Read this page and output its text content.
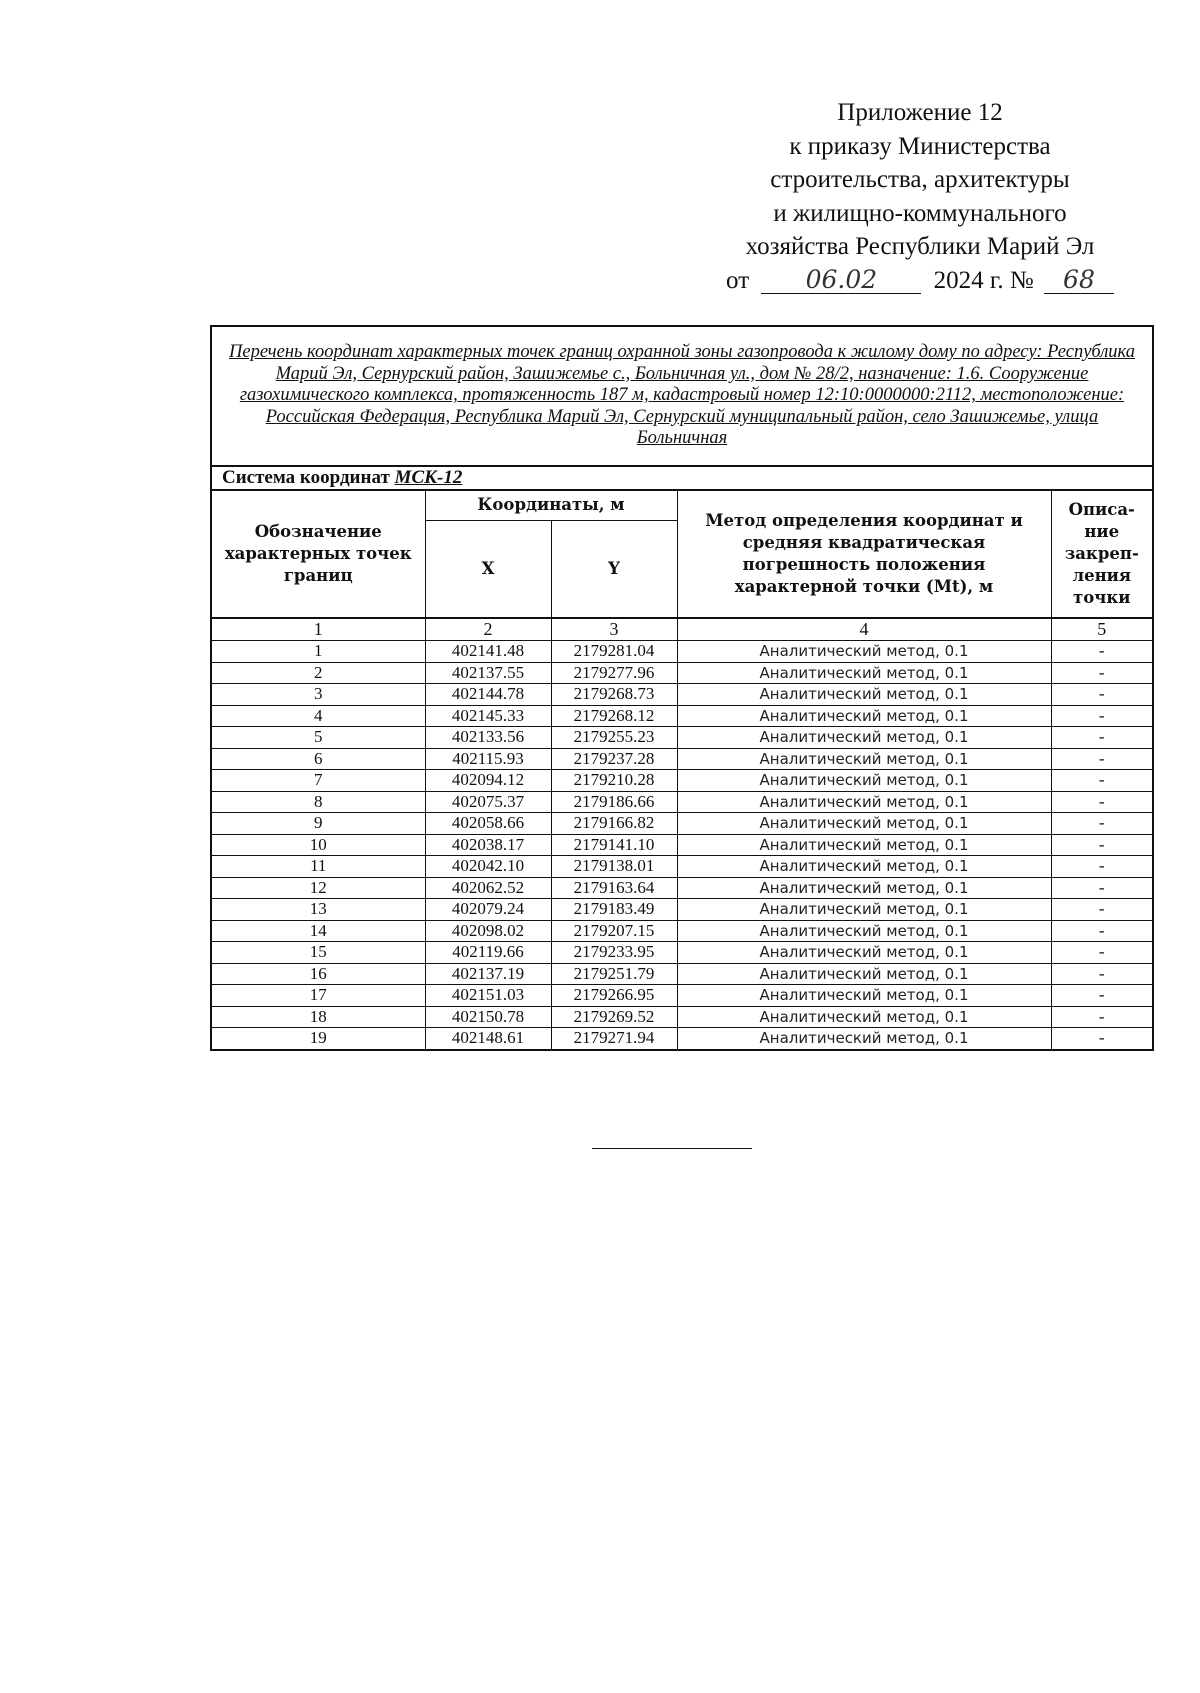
Приложение 12
к приказу Министерства
строительства, архитектуры
и жилищно-коммунального
хозяйства Республики Марий Эл
от 06.02 2024 г. № 68
Перечень координат характерных точек границ охранной зоны газопровода к жилому дому по адресу: Республика Марий Эл, Сернурский район, Зашижемье с., Больничная ул., дом № 28/2, назначение: 1.6. Сооружение газохимического комплекса, протяженность 187 м, кадастровый номер 12:10:0000000:2112, местоположение: Российская Федерация, Республика Марий Эл, Сернурский муниципальный район, село Зашижемье, улица Больничная				
Система координат МСК-12				
Обозначение характерных точек границ	Координаты, м		Метод определения координат и средняя квадратическая погрешность положения характерной точки (Mt), м	Описа-ние закреп-ления точки
	X	Y		
1	2	3	4	5
1	402141.48	2179281.04	Аналитический метод, 0.1	-
2	402137.55	2179277.96	Аналитический метод, 0.1	-
3	402144.78	2179268.73	Аналитический метод, 0.1	-
4	402145.33	2179268.12	Аналитический метод, 0.1	-
5	402133.56	2179255.23	Аналитический метод, 0.1	-
6	402115.93	2179237.28	Аналитический метод, 0.1	-
7	402094.12	2179210.28	Аналитический метод, 0.1	-
8	402075.37	2179186.66	Аналитический метод, 0.1	-
9	402058.66	2179166.82	Аналитический метод, 0.1	-
10	402038.17	2179141.10	Аналитический метод, 0.1	-
11	402042.10	2179138.01	Аналитический метод, 0.1	-
12	402062.52	2179163.64	Аналитический метод, 0.1	-
13	402079.24	2179183.49	Аналитический метод, 0.1	-
14	402098.02	2179207.15	Аналитический метод, 0.1	-
15	402119.66	2179233.95	Аналитический метод, 0.1	-
16	402137.19	2179251.79	Аналитический метод, 0.1	-
17	402151.03	2179266.95	Аналитический метод, 0.1	-
18	402150.78	2179269.52	Аналитический метод, 0.1	-
19	402148.61	2179271.94	Аналитический метод, 0.1	-
